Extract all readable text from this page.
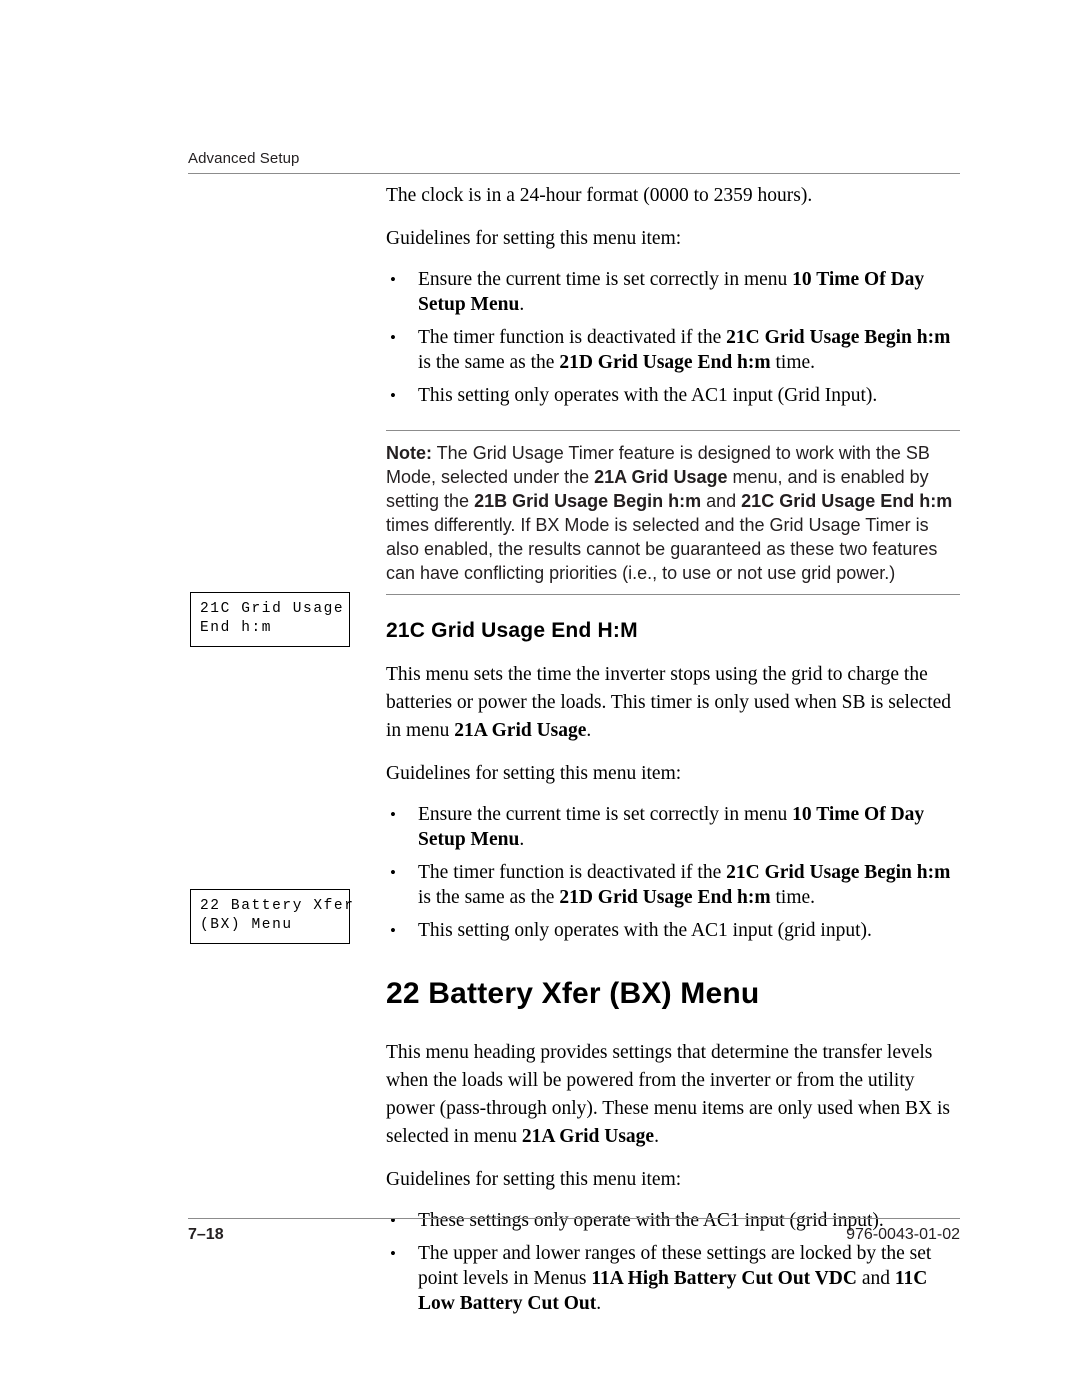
Advanced Setup

The clock is in a 24-hour format (0000 to 2359 hours).

Guidelines for setting this menu item:

• Ensure the current time is set correctly in menu 10 Time Of Day Setup Menu.
• The timer function is deactivated if the 21C Grid Usage Begin h:m is the same as the 21D Grid Usage End h:m time.
• This setting only operates with the AC1 input (Grid Input).
Note: The Grid Usage Timer feature is designed to work with the SB Mode, selected under the 21A Grid Usage menu, and is enabled by setting the 21B Grid Usage Begin h:m and 21C Grid Usage End h:m times differently. If BX Mode is selected and the Grid Usage Timer is also enabled, the results cannot be guaranteed as these two features can have conflicting priorities (i.e., to use or not use grid power.)
21C Grid Usage End H:M

This menu sets the time the inverter stops using the grid to charge the batteries or power the loads. This timer is only used when SB is selected in menu 21A Grid Usage.

Guidelines for setting this menu item:

• Ensure the current time is set correctly in menu 10 Time Of Day Setup Menu.
• The timer function is deactivated if the 21C Grid Usage Begin h:m is the same as the 21D Grid Usage End h:m time.
• This setting only operates with the AC1 input (grid input).
22 Battery Xfer (BX) Menu

This menu heading provides settings that determine the transfer levels when the loads will be powered from the inverter or from the utility power (pass-through only). These menu items are only used when BX is selected in menu 21A Grid Usage.

Guidelines for setting this menu item:

• These settings only operate with the AC1 input (grid input).
• The upper and lower ranges of these settings are locked by the set point levels in Menus 11A High Battery Cut Out VDC and 11C Low Battery Cut Out.
21C Grid Usage
End h:m
22 Battery Xfer
(BX) Menu
7–18	976-0043-01-02
